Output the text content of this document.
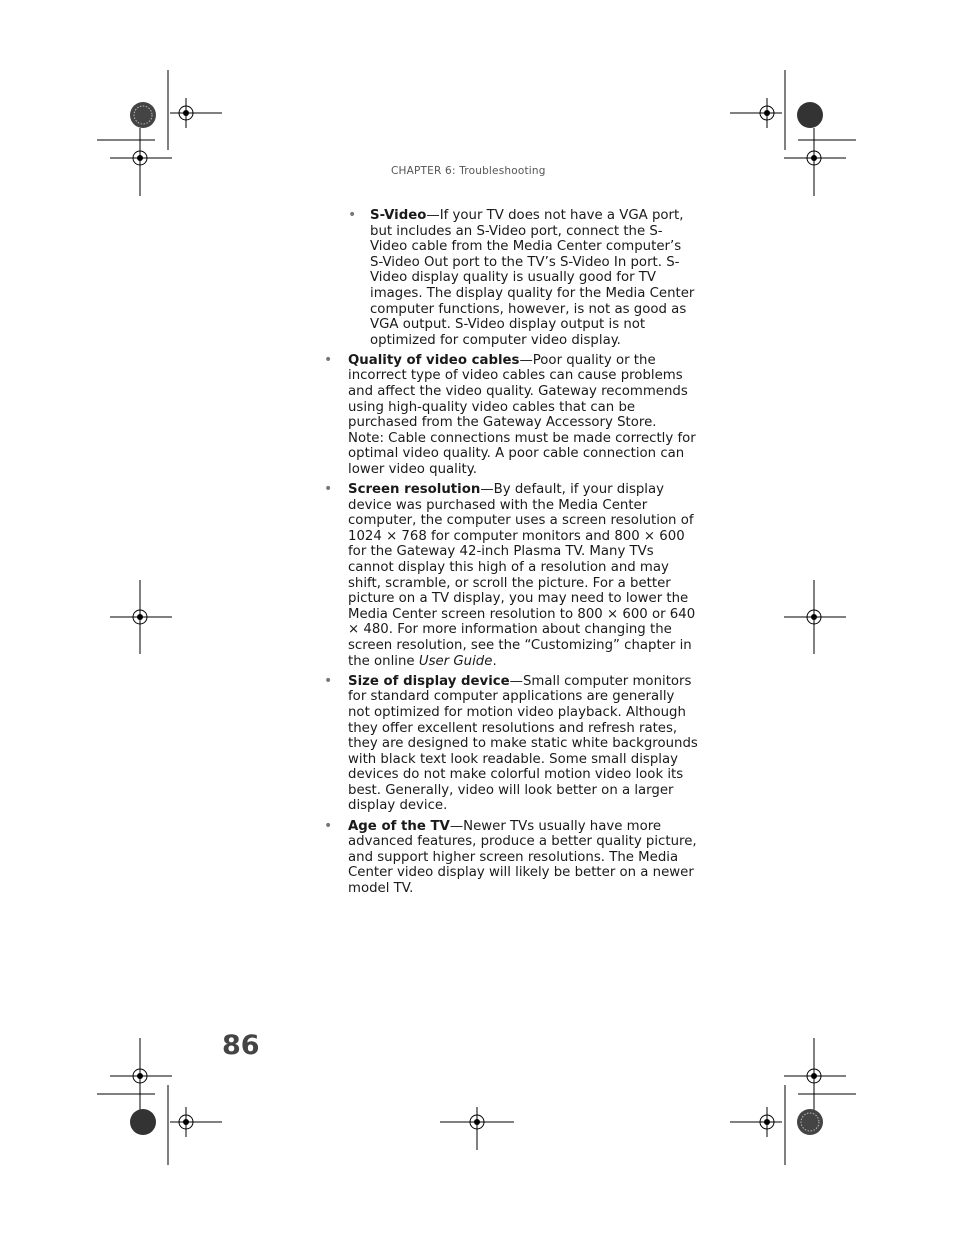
CHAPTER 6: Troubleshooting
• S-Video—If your TV does not have a VGA port, but includes an S-Video port, connect the S-Video cable from the Media Center computer’s S-Video Out port to the TV’s S-Video In port. S-Video display quality is usually good for TV images. The display quality for the Media Center computer functions, however, is not as good as VGA output. S-Video display output is not optimized for computer video display.
• Quality of video cables—Poor quality or the incorrect type of video cables can cause problems and affect the video quality. Gateway recommends using high-quality video cables that can be purchased from the Gateway Accessory Store.
Note: Cable connections must be made correctly for optimal video quality. A poor cable connection can lower video quality.
• Screen resolution—By default, if your display device was purchased with the Media Center computer, the computer uses a screen resolution of 1024 × 768 for computer monitors and 800 × 600 for the Gateway 42-inch Plasma TV. Many TVs cannot display this high of a resolution and may shift, scramble, or scroll the picture. For a better picture on a TV display, you may need to lower the Media Center screen resolution to 800 × 600 or 640 × 480. For more information about changing the screen resolution, see the “Customizing” chapter in the online User Guide.
• Size of display device—Small computer monitors for standard computer applications are generally not optimized for motion video playback. Although they offer excellent resolutions and refresh rates, they are designed to make static white backgrounds with black text look readable. Some small display devices do not make colorful motion video look its best. Generally, video will look better on a larger display device.
• Age of the TV—Newer TVs usually have more advanced features, produce a better quality picture, and support higher screen resolutions. The Media Center video display will likely be better on a newer model TV.
86
